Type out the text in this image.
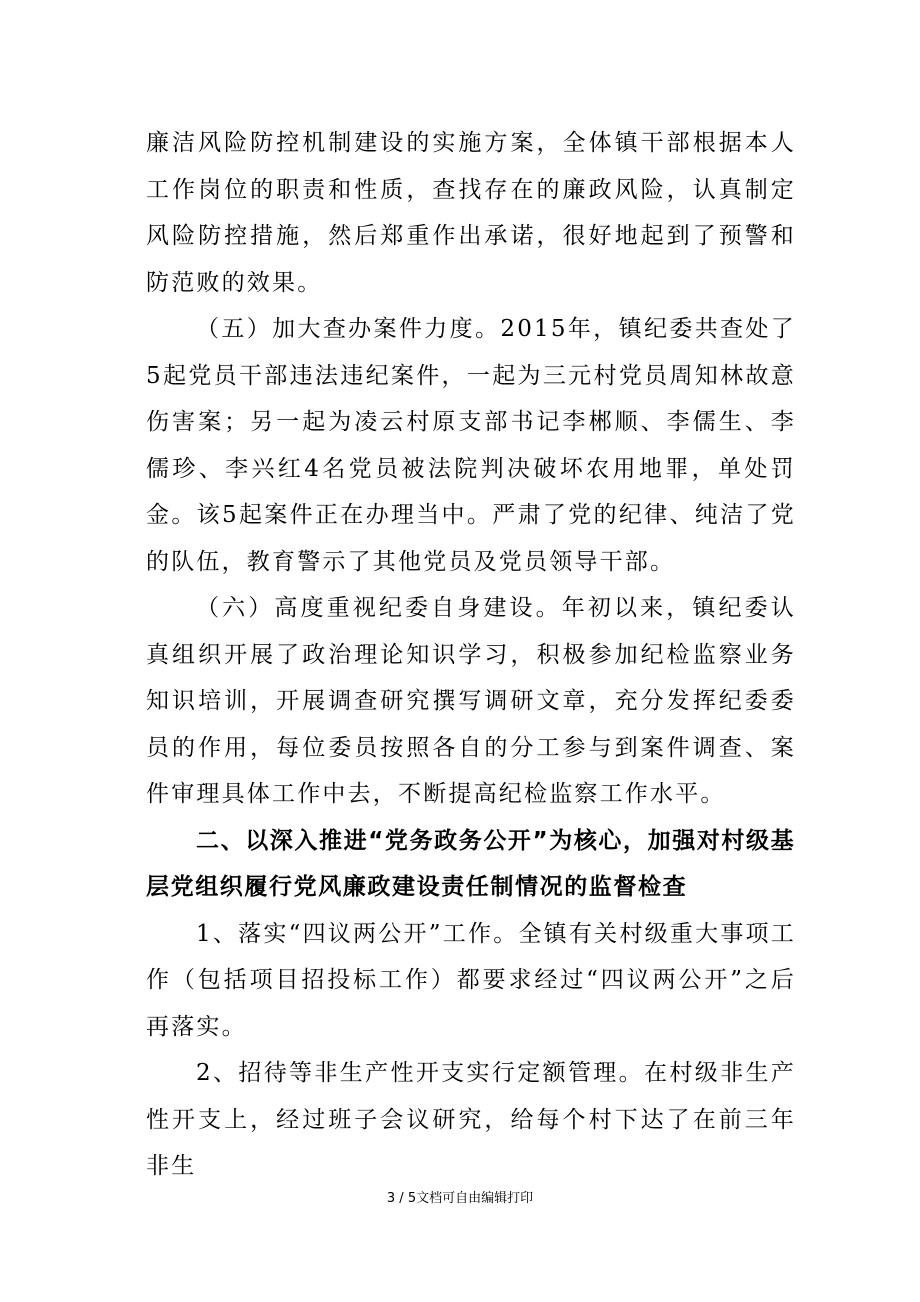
廉洁风险防控机制建设的实施方案，全体镇干部根据本人工作岗位的职责和性质，查找存在的廉政风险，认真制定风险防控措施，然后郑重作出承诺，很好地起到了预警和防范败的效果。

（五）加大查办案件力度。2015年，镇纪委共查处了5起党员干部违法违纪案件，一起为三元村党员周知林故意伤害案；另一起为凌云村原支部书记李郴顺、李儒生、李儒珍、李兴红4名党员被法院判决破坏农用地罪，单处罚金。该5起案件正在办理当中。严肃了党的纪律、纯洁了党的队伍，教育警示了其他党员及党员领导干部。

（六）高度重视纪委自身建设。年初以来，镇纪委认真组织开展了政治理论知识学习，积极参加纪检监察业务知识培训，开展调查研究撰写调研文章，充分发挥纪委委员的作用，每位委员按照各自的分工参与到案件调查、案件审理具体工作中去，不断提高纪检监察工作水平。

二、以深入推进“党务政务公开”为核心，加强对村级基层党组织履行党风廉政建设责任制情况的监督检查

1、落实“四议两公开”工作。全镇有关村级重大事项工作（包括项目招投标工作）都要求经过“四议两公开”之后再落实。

2、招待等非生产性开支实行定额管理。在村级非生产性开支上，经过班子会议研究，给每个村下达了在前三年非生

3 / 5文档可自由编辑打印
